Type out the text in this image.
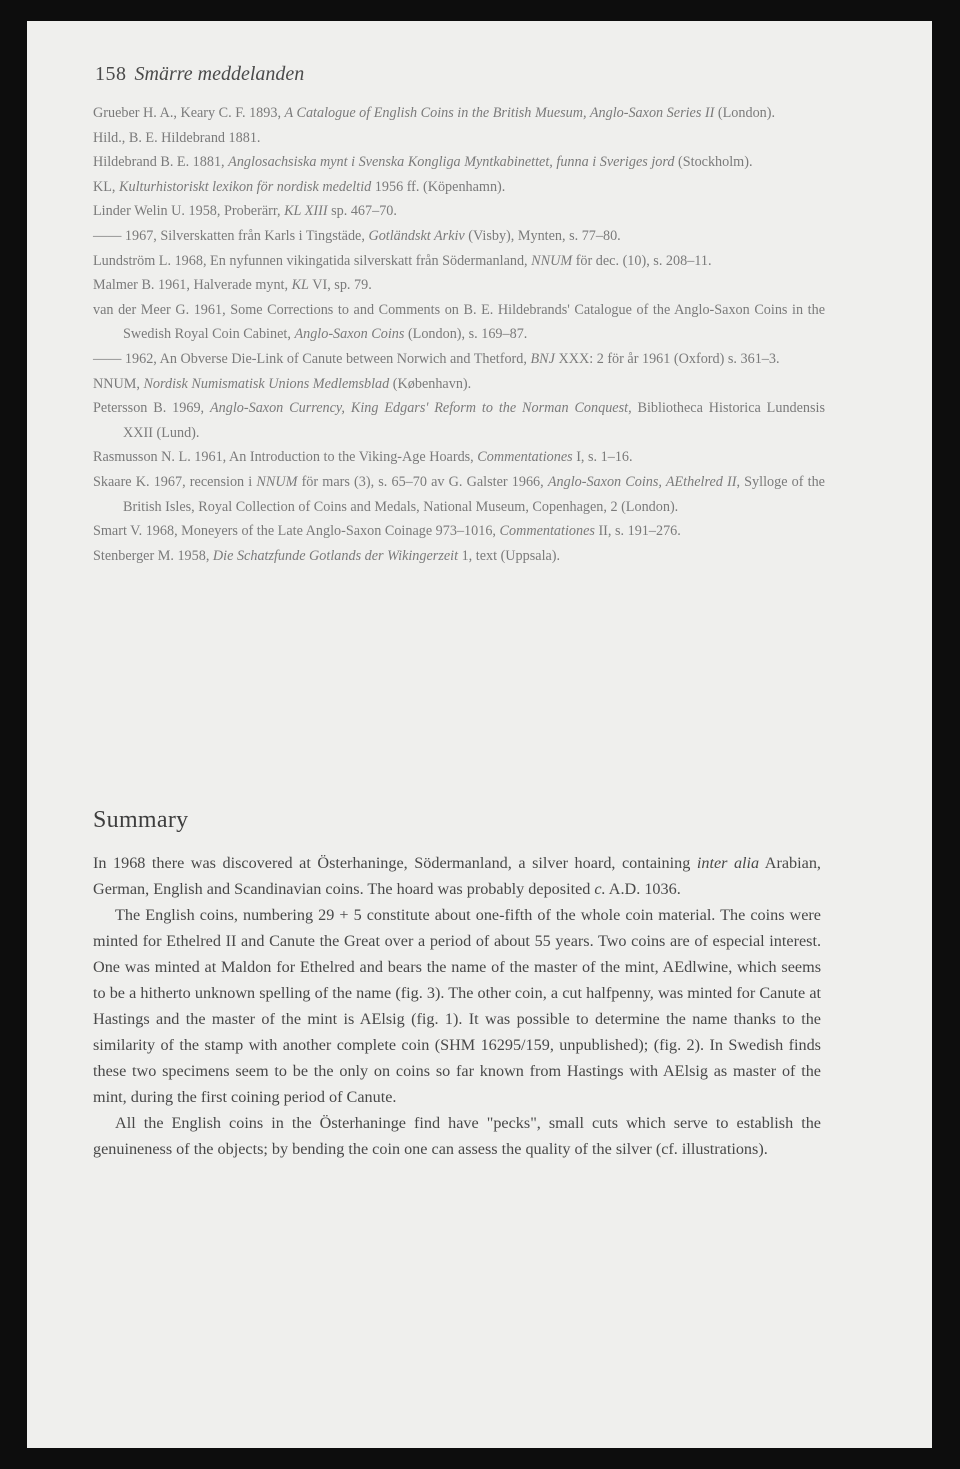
158 Smärre meddelanden
Grueber H. A., Keary C. F. 1893, A Catalogue of English Coins in the British Muesum, Anglo-Saxon Series II (London).
Hild., B. E. Hildebrand 1881.
Hildebrand B. E. 1881, Anglosachsiska mynt i Svenska Kongliga Myntkabinettet, funna i Sveriges jord (Stockholm).
KL, Kulturhistoriskt lexikon för nordisk medeltid 1956 ff. (Köpenhamn).
Linder Welin U. 1958, Proberärr, KL XIII sp. 467–70.
—— 1967, Silverskatten från Karls i Tingstäde, Gotländskt Arkiv (Visby), Mynten, s. 77–80.
Lundström L. 1968, En nyfunnen vikingatida silverskatt från Södermanland, NNUM för dec. (10), s. 208–11.
Malmer B. 1961, Halverade mynt, KL VI, sp. 79.
van der Meer G. 1961, Some Corrections to and Comments on B. E. Hildebrands' Catalogue of the Anglo-Saxon Coins in the Swedish Royal Coin Cabinet, Anglo-Saxon Coins (London), s. 169–87.
—— 1962, An Obverse Die-Link of Canute between Norwich and Thetford, BNJ XXX: 2 för år 1961 (Oxford) s. 361–3.
NNUM, Nordisk Numismatisk Unions Medlemsblad (København).
Petersson B. 1969, Anglo-Saxon Currency, King Edgars' Reform to the Norman Conquest, Bibliotheca Historica Lundensis XXII (Lund).
Rasmusson N. L. 1961, An Introduction to the Viking-Age Hoards, Commentationes I, s. 1–16.
Skaare K. 1967, recension i NNUM för mars (3), s. 65–70 av G. Galster 1966, Anglo-Saxon Coins, AEthelred II, Sylloge of the British Isles, Royal Collection of Coins and Medals, National Museum, Copenhagen, 2 (London).
Smart V. 1968, Moneyers of the Late Anglo-Saxon Coinage 973–1016, Commentationes II, s. 191–276.
Stenberger M. 1958, Die Schatzfunde Gotlands der Wikingerzeit 1, text (Uppsala).
Summary

In 1968 there was discovered at Österhaninge, Södermanland, a silver hoard, containing inter alia Arabian, German, English and Scandinavian coins. The hoard was probably deposited c. A.D. 1036.

The English coins, numbering 29 + 5 constitute about one-fifth of the whole coin material. The coins were minted for Ethelred II and Canute the Great over a period of about 55 years. Two coins are of especial interest. One was minted at Maldon for Ethelred and bears the name of the master of the mint, AEdlwine, which seems to be a hitherto unknown spelling of the name (fig. 3). The other coin, a cut halfpenny, was minted for Canute at Hastings and the master of the mint is AElsig (fig. 1). It was possible to determine the name thanks to the similarity of the stamp with another complete coin (SHM 16295/159, unpublished); (fig. 2). In Swedish finds these two specimens seem to be the only on coins so far known from Hastings with AElsig as master of the mint, during the first coining period of Canute.

All the English coins in the Österhaninge find have "pecks", small cuts which serve to establish the genuineness of the objects; by bending the coin one can assess the quality of the silver (cf. illustrations).
